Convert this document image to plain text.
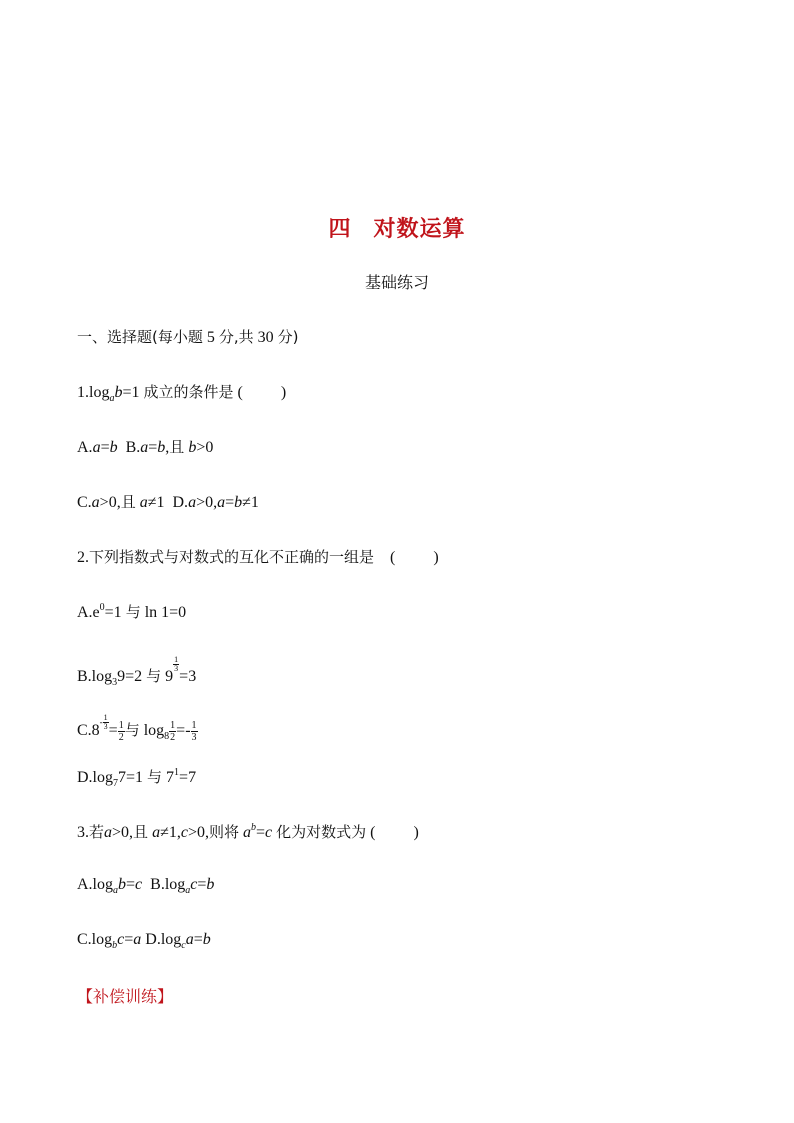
四 对数运算
基础练习
一、选择题(每小题 5 分,共 30 分)
$1.\log_ab=1$ 成立的条件是 ( )
A.a=b B.a=b,且 b>0
C.a>0,且 a≠1 D.a>0,a=b≠1
2.下列指数式与对数式的互化不正确的一组是 ( )
$A.e^0=1$ 与 ln 1=0
$B.\log_39=2$ 与 9
$\frac{1}{3}$
=3
$C.8- \frac{1}{3} = \frac{1}{2}$ 与 $\log_8 \frac{1}{2} =- \frac{1}{3}$
$D.\log_77=1$ 与 $7^1=7$
3.若a>0,且 a≠1,c>0,则将 $a^b=c$ 化为对数式为 ( )
$A.\log_ab=c$ $B.\log_ac=b$
$C.\log_bc=a$ $D.\log_ca=b$
【补偿训练】
